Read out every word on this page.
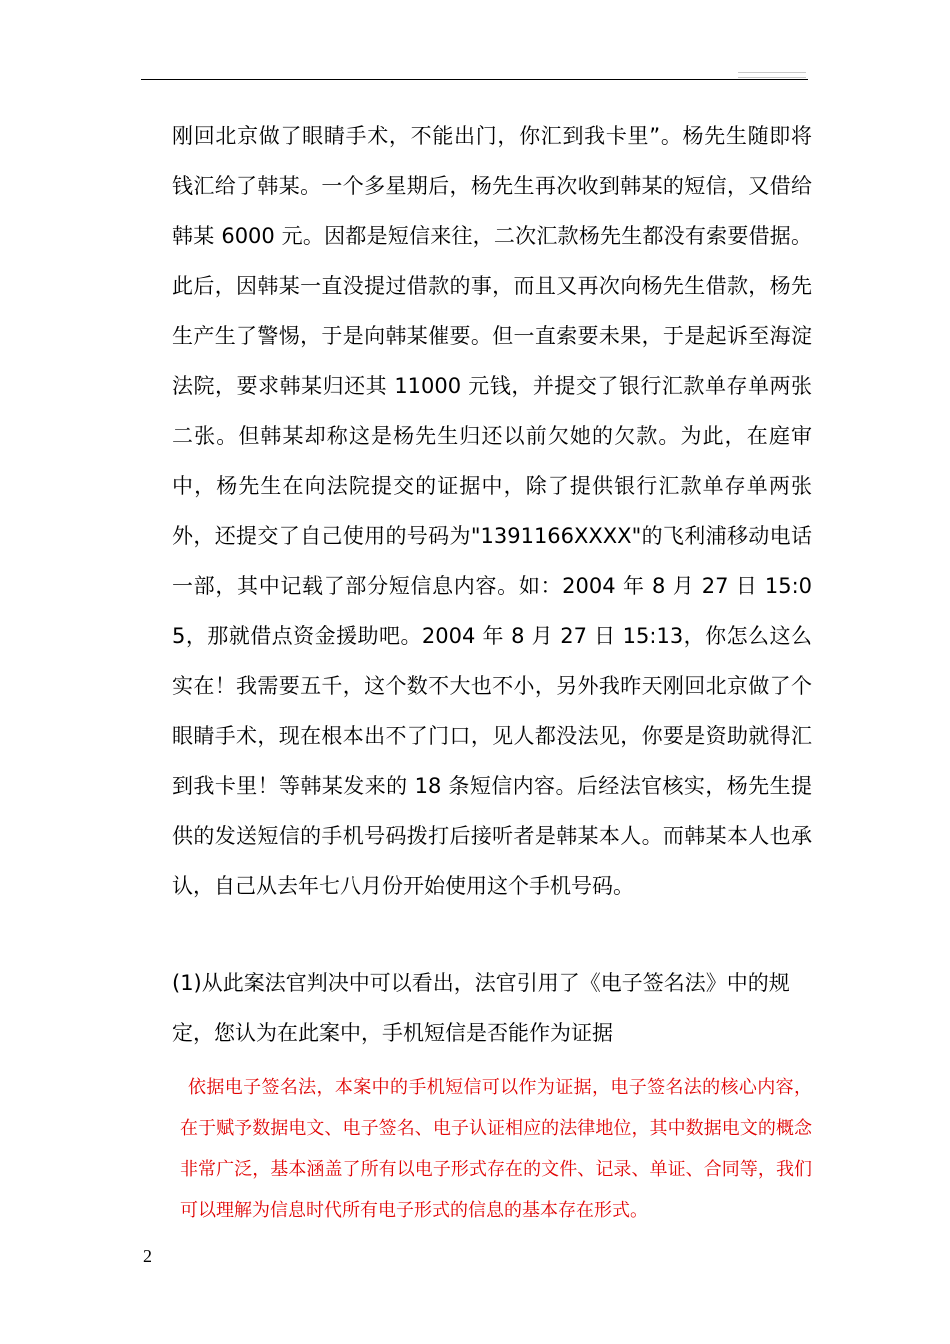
刚回北京做了眼睛手术，不能出门，你汇到我卡里”。杨先生随即将钱汇给了韩某。一个多星期后，杨先生再次收到韩某的短信，又借给韩某 6000 元。因都是短信来往，二次汇款杨先生都没有索要借据。此后，因韩某一直没提过借款的事，而且又再次向杨先生借款，杨先生产生了警惕，于是向韩某催要。但一直索要未果，于是起诉至海淀法院，要求韩某归还其 11000 元钱，并提交了银行汇款单存单两张二张。但韩某却称这是杨先生归还以前欠她的欠款。为此，在庭审中，杨先生在向法院提交的证据中，除了提供银行汇款单存单两张外，还提交了自己使用的号码为"1391166XXXX"的飞利浦移动电话一部，其中记载了部分短信息内容。如：2004 年 8 月 27 日 15:05，那就借点资金援助吧。2004 年 8 月 27 日 15:13，你怎么这么实在！我需要五千，这个数不大也不小，另外我昨天刚回北京做了个眼睛手术，现在根本出不了门口，见人都没法见，你要是资助就得汇到我卡里！等韩某发来的 18 条短信内容。后经法官核实，杨先生提供的发送短信的手机号码拨打后接听者是韩某本人。而韩某本人也承认，自己从去年七八月份开始使用这个手机号码。

(1)从此案法官判决中可以看出，法官引用了《电子签名法》中的规定，您认为在此案中，手机短信是否能作为证据

依据电子签名法，本案中的手机短信可以作为证据，电子签名法的核心内容，在于赋予数据电文、电子签名、电子认证相应的法律地位，其中数据电文的概念非常广泛，基本涵盖了所有以电子形式存在的文件、记录、单证、合同等，我们可以理解为信息时代所有电子形式的信息的基本存在形式。

2
